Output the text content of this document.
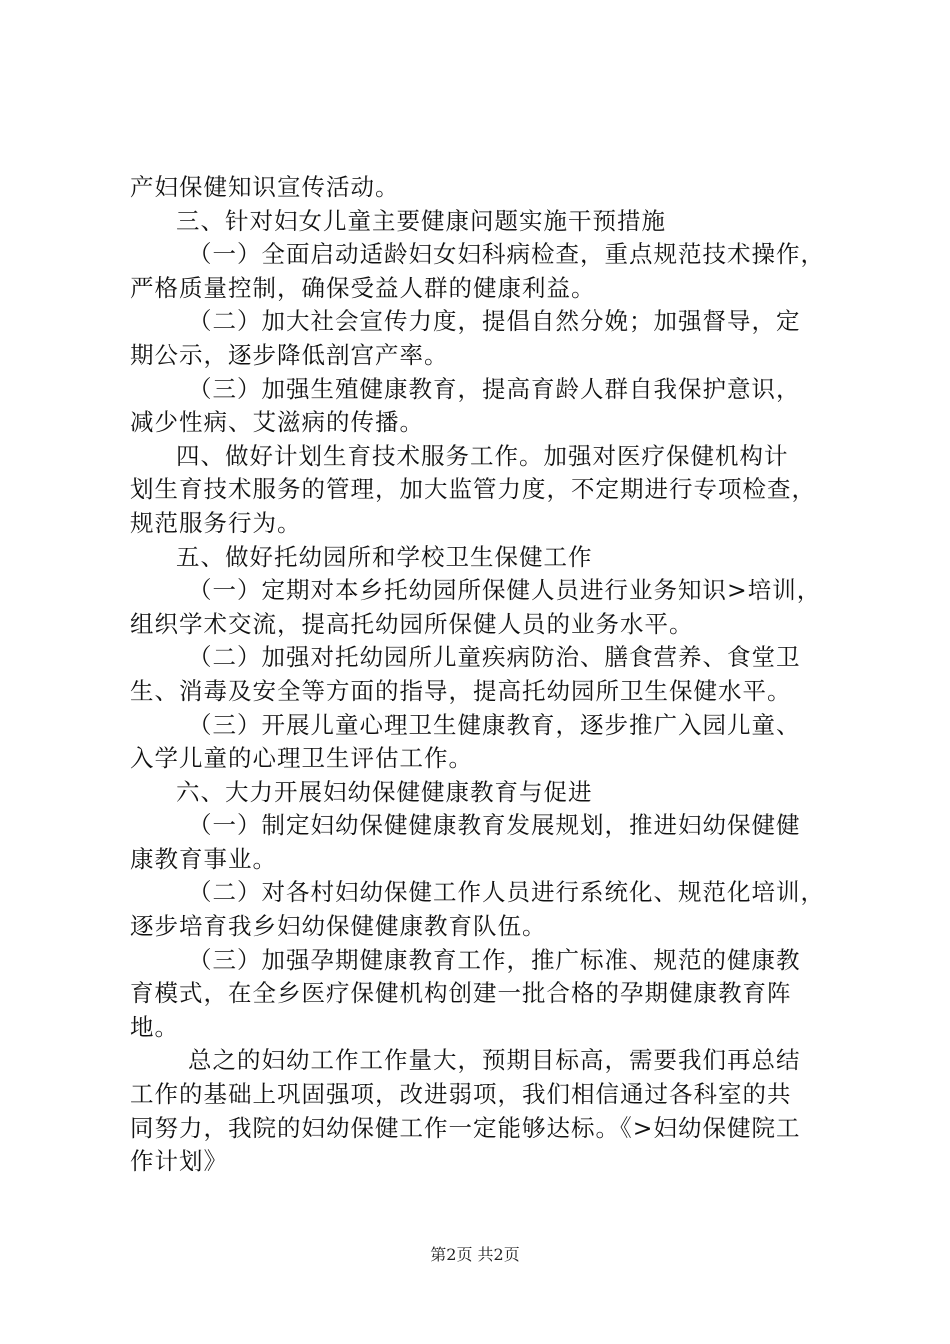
产妇保健知识宣传活动。
三、针对妇女儿童主要健康问题实施干预措施
（一）全面启动适龄妇女妇科病检查，重点规范技术操作，
严格质量控制，确保受益人群的健康利益。
（二）加大社会宣传力度，提倡自然分娩；加强督导，定
期公示，逐步降低剖宫产率。
（三）加强生殖健康教育，提高育龄人群自我保护意识，
减少性病、艾滋病的传播。
四、做好计划生育技术服务工作。加强对医疗保健机构计
划生育技术服务的管理，加大监管力度，不定期进行专项检查，
规范服务行为。
五、做好托幼园所和学校卫生保健工作
（一）定期对本乡托幼园所保健人员进行业务知识>培训，
组织学术交流，提高托幼园所保健人员的业务水平。
（二）加强对托幼园所儿童疾病防治、膳食营养、食堂卫
生、消毒及安全等方面的指导，提高托幼园所卫生保健水平。
（三）开展儿童心理卫生健康教育，逐步推广入园儿童、
入学儿童的心理卫生评估工作。
六、大力开展妇幼保健健康教育与促进
（一）制定妇幼保健健康教育发展规划，推进妇幼保健健
康教育事业。
（二）对各村妇幼保健工作人员进行系统化、规范化培训，
逐步培育我乡妇幼保健健康教育队伍。
（三）加强孕期健康教育工作，推广标准、规范的健康教
育模式，在全乡医疗保健机构创建一批合格的孕期健康教育阵
地。
总之的妇幼工作工作量大，预期目标高，需要我们再总结
工作的基础上巩固强项，改进弱项，我们相信通过各科室的共
同努力，我院的妇幼保健工作一定能够达标。《>妇幼保健院工
作计划》
第2页 共2页
